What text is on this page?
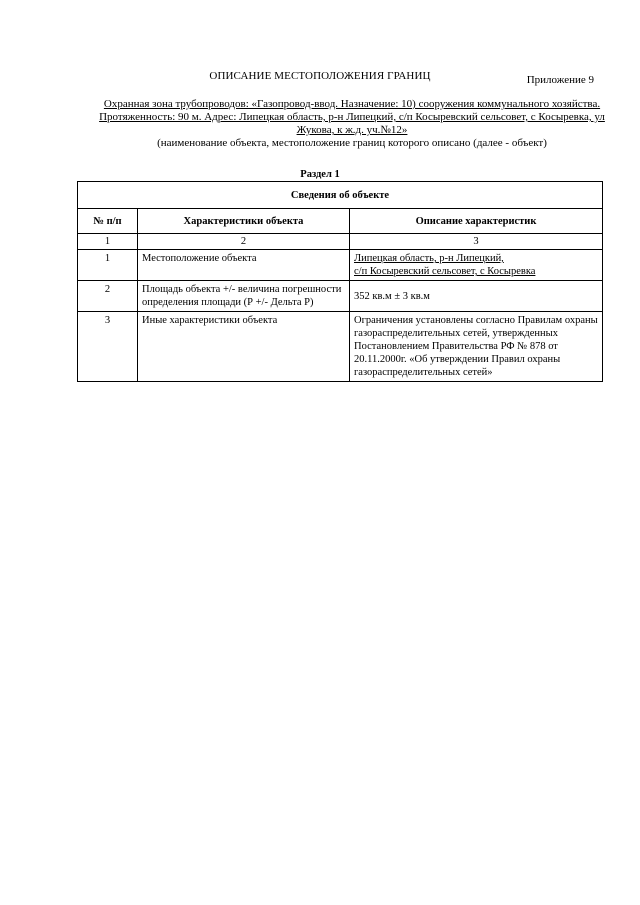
Приложение 9
ОПИСАНИЕ МЕСТОПОЛОЖЕНИЯ ГРАНИЦ
Охранная зона трубопроводов: «Газопровод-ввод. Назначение: 10) сооружения коммунального хозяйства. Протяженность: 90 м. Адрес: Липецкая область, р-н Липецкий, с/п Косыревский сельсовет, с Косыревка, ул Жукова, к ж.д. уч.№12»
(наименование объекта, местоположение границ которого описано (далее - объект)
Раздел 1
Сведения об объекте		
№ п/п	Характеристики объекта	Описание характеристик
1	2	3
1	Местоположение объекта	Липецкая область, р-н Липецкий,
с/п Косыревский сельсовет, с Косыревка
2	Площадь объекта +/- величина погрешности определения площади (Р +/- Дельта Р)	352 кв.м ± 3 кв.м
3	Иные характеристики объекта	Ограничения установлены согласно Правилам охраны газораспределительных сетей, утвержденных Постановлением Правительства РФ № 878 от 20.11.2000г. «Об утверждении Правил охраны газораспределительных сетей»
